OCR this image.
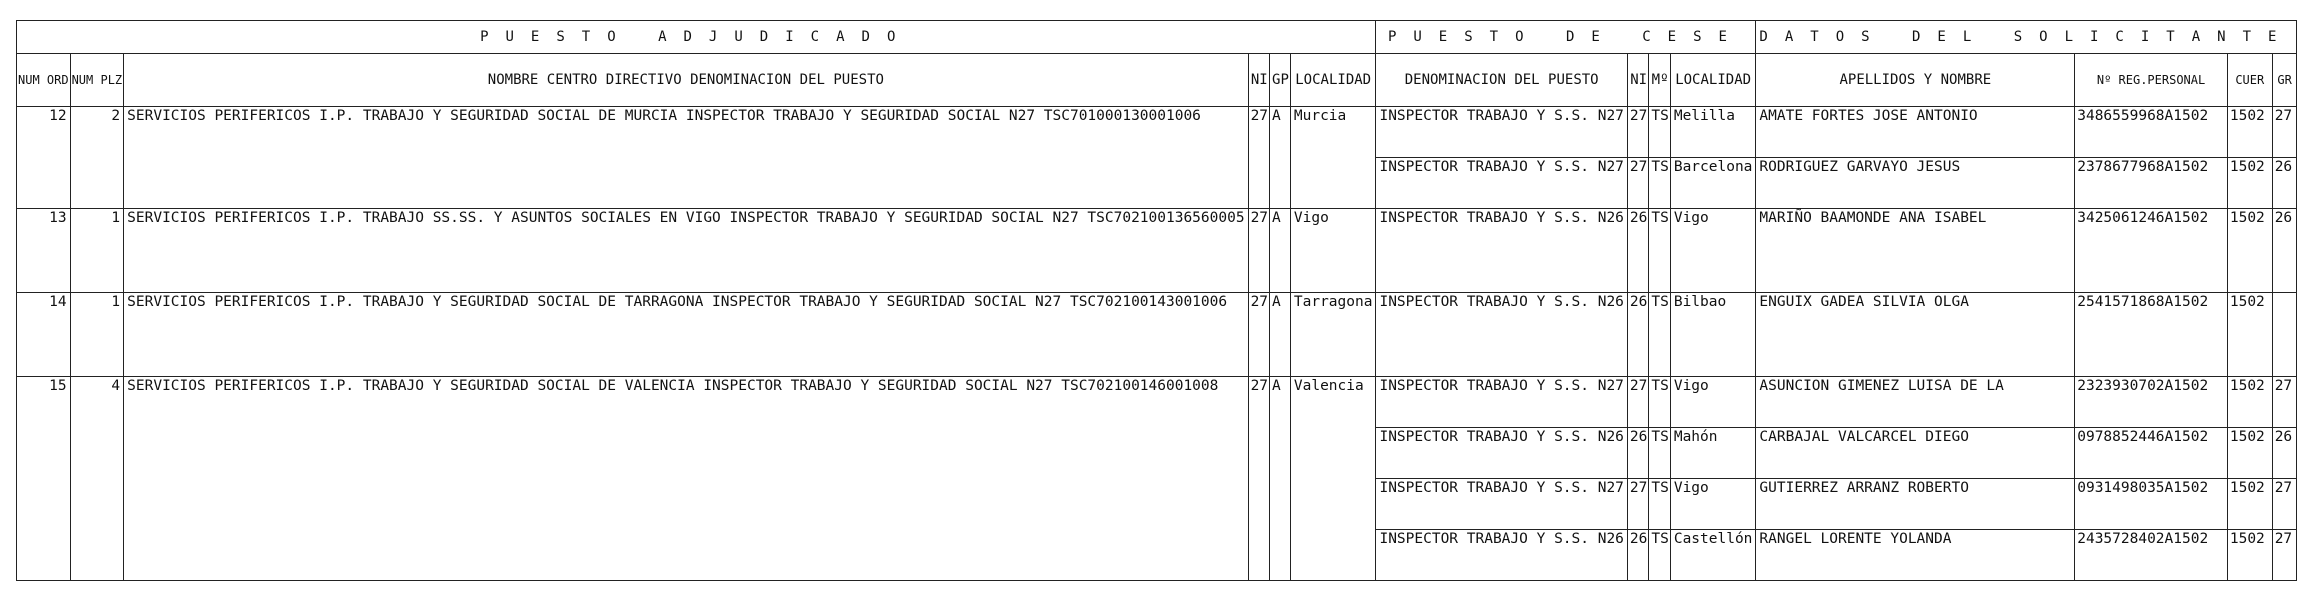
PUESTO ADJUDICADO						PUESTO DE CESE				DATOS DEL SOLICITANTE			
NUM ORD	NUM PLZ	NOMBRE CENTRO DIRECTIVO DENOMINACION DEL PUESTO	NI	GP	LOCALIDAD	DENOMINACION DEL PUESTO	NI	Mº	LOCALIDAD	APELLIDOS Y NOMBRE	Nº REG.PERSONAL	CUER	GR
12	2	SERVICIOS PERIFERICOS I.P. TRABAJO Y SEGURIDAD SOCIAL DE MURCIA INSPECTOR TRABAJO Y SEGURIDAD SOCIAL N27 TSC701000130001006	27	A	Murcia	INSPECTOR TRABAJO Y S.S. N27	27	TS	Melilla	AMATE FORTES JOSE ANTONIO	3486559968A1502	1502	27
						INSPECTOR TRABAJO Y S.S. N27	27	TS	Barcelona	RODRIGUEZ GARVAYO JESUS	2378677968A1502	1502	26
13	1	SERVICIOS PERIFERICOS I.P. TRABAJO SS.SS. Y ASUNTOS SOCIALES EN VIGO INSPECTOR TRABAJO Y SEGURIDAD SOCIAL N27 TSC702100136560005	27	A	Vigo	INSPECTOR TRABAJO Y S.S. N26	26	TS	Vigo	MARIÑO BAAMONDE ANA ISABEL	3425061246A1502	1502	26
14	1	SERVICIOS PERIFERICOS I.P. TRABAJO Y SEGURIDAD SOCIAL DE TARRAGONA INSPECTOR TRABAJO Y SEGURIDAD SOCIAL N27 TSC702100143001006	27	A	Tarragona	INSPECTOR TRABAJO Y S.S. N26	26	TS	Bilbao	ENGUIX GADEA SILVIA OLGA	2541571868A1502	1502	
15	4	SERVICIOS PERIFERICOS I.P. TRABAJO Y SEGURIDAD SOCIAL DE VALENCIA INSPECTOR TRABAJO Y SEGURIDAD SOCIAL N27 TSC702100146001008	27	A	Valencia	INSPECTOR TRABAJO Y S.S. N27	27	TS	Vigo	ASUNCION GIMENEZ LUISA DE LA	2323930702A1502	1502	27
						INSPECTOR TRABAJO Y S.S. N26	26	TS	Mahón	CARBAJAL VALCARCEL DIEGO	0978852446A1502	1502	26
						INSPECTOR TRABAJO Y S.S. N27	27	TS	Vigo	GUTIERREZ ARRANZ ROBERTO	0931498035A1502	1502	27
						INSPECTOR TRABAJO Y S.S. N26	26	TS	Castellón	RANGEL LORENTE YOLANDA	2435728402A1502	1502	27
